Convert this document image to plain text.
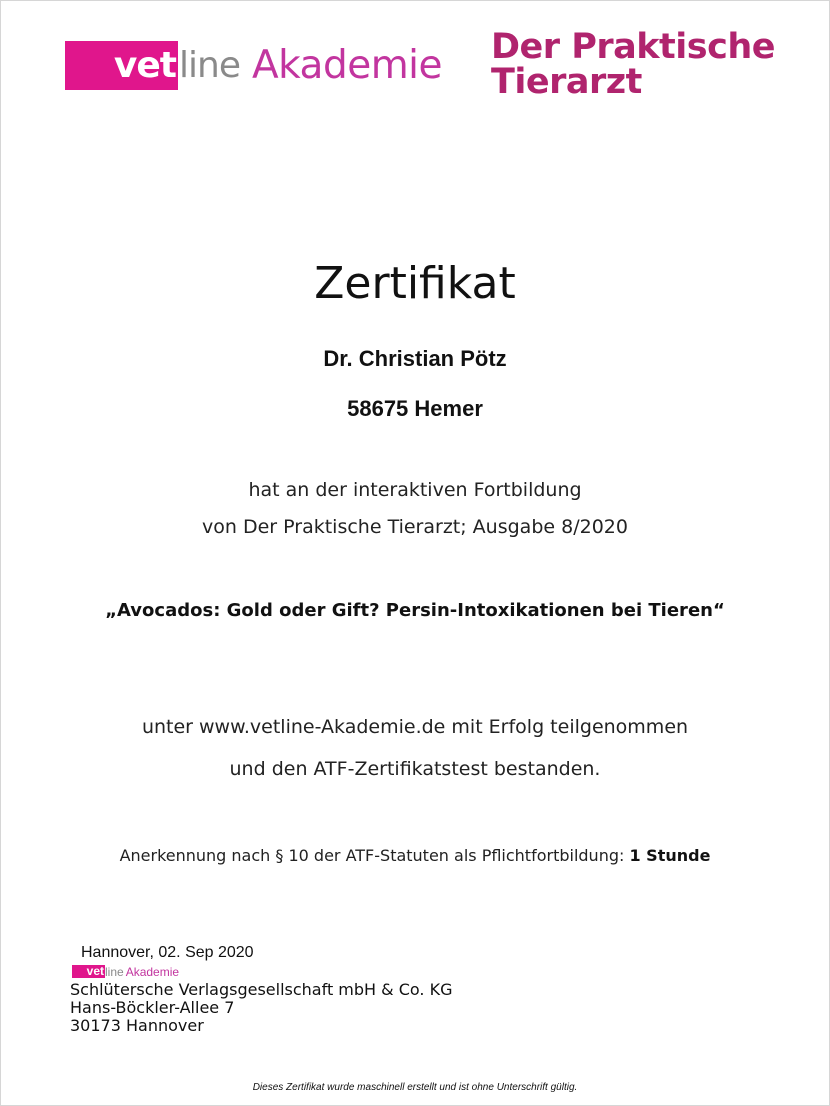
vet line Akademie Der Praktische
Tierarzt
Zertifikat
Dr. Christian Pötz
58675 Hemer
hat an der interaktiven Fortbildung
von Der Praktische Tierarzt; Ausgabe 8/2020
„Avocados: Gold oder Gift? Persin-Intoxikationen bei Tieren“
unter www.vetline-Akademie.de mit Erfolg teilgenommen
und den ATF-Zertifikatstest bestanden.
Anerkennung nach § 10 der ATF-Statuten als Pflichtfortbildung: 1 Stunde
Hannover, 02. Sep 2020
vet line Akademie
Schlütersche Verlagsgesellschaft mbH & Co. KG
Hans-Böckler-Allee 7
30173 Hannover
Dieses Zertifikat wurde maschinell erstellt und ist ohne Unterschrift gültig.
